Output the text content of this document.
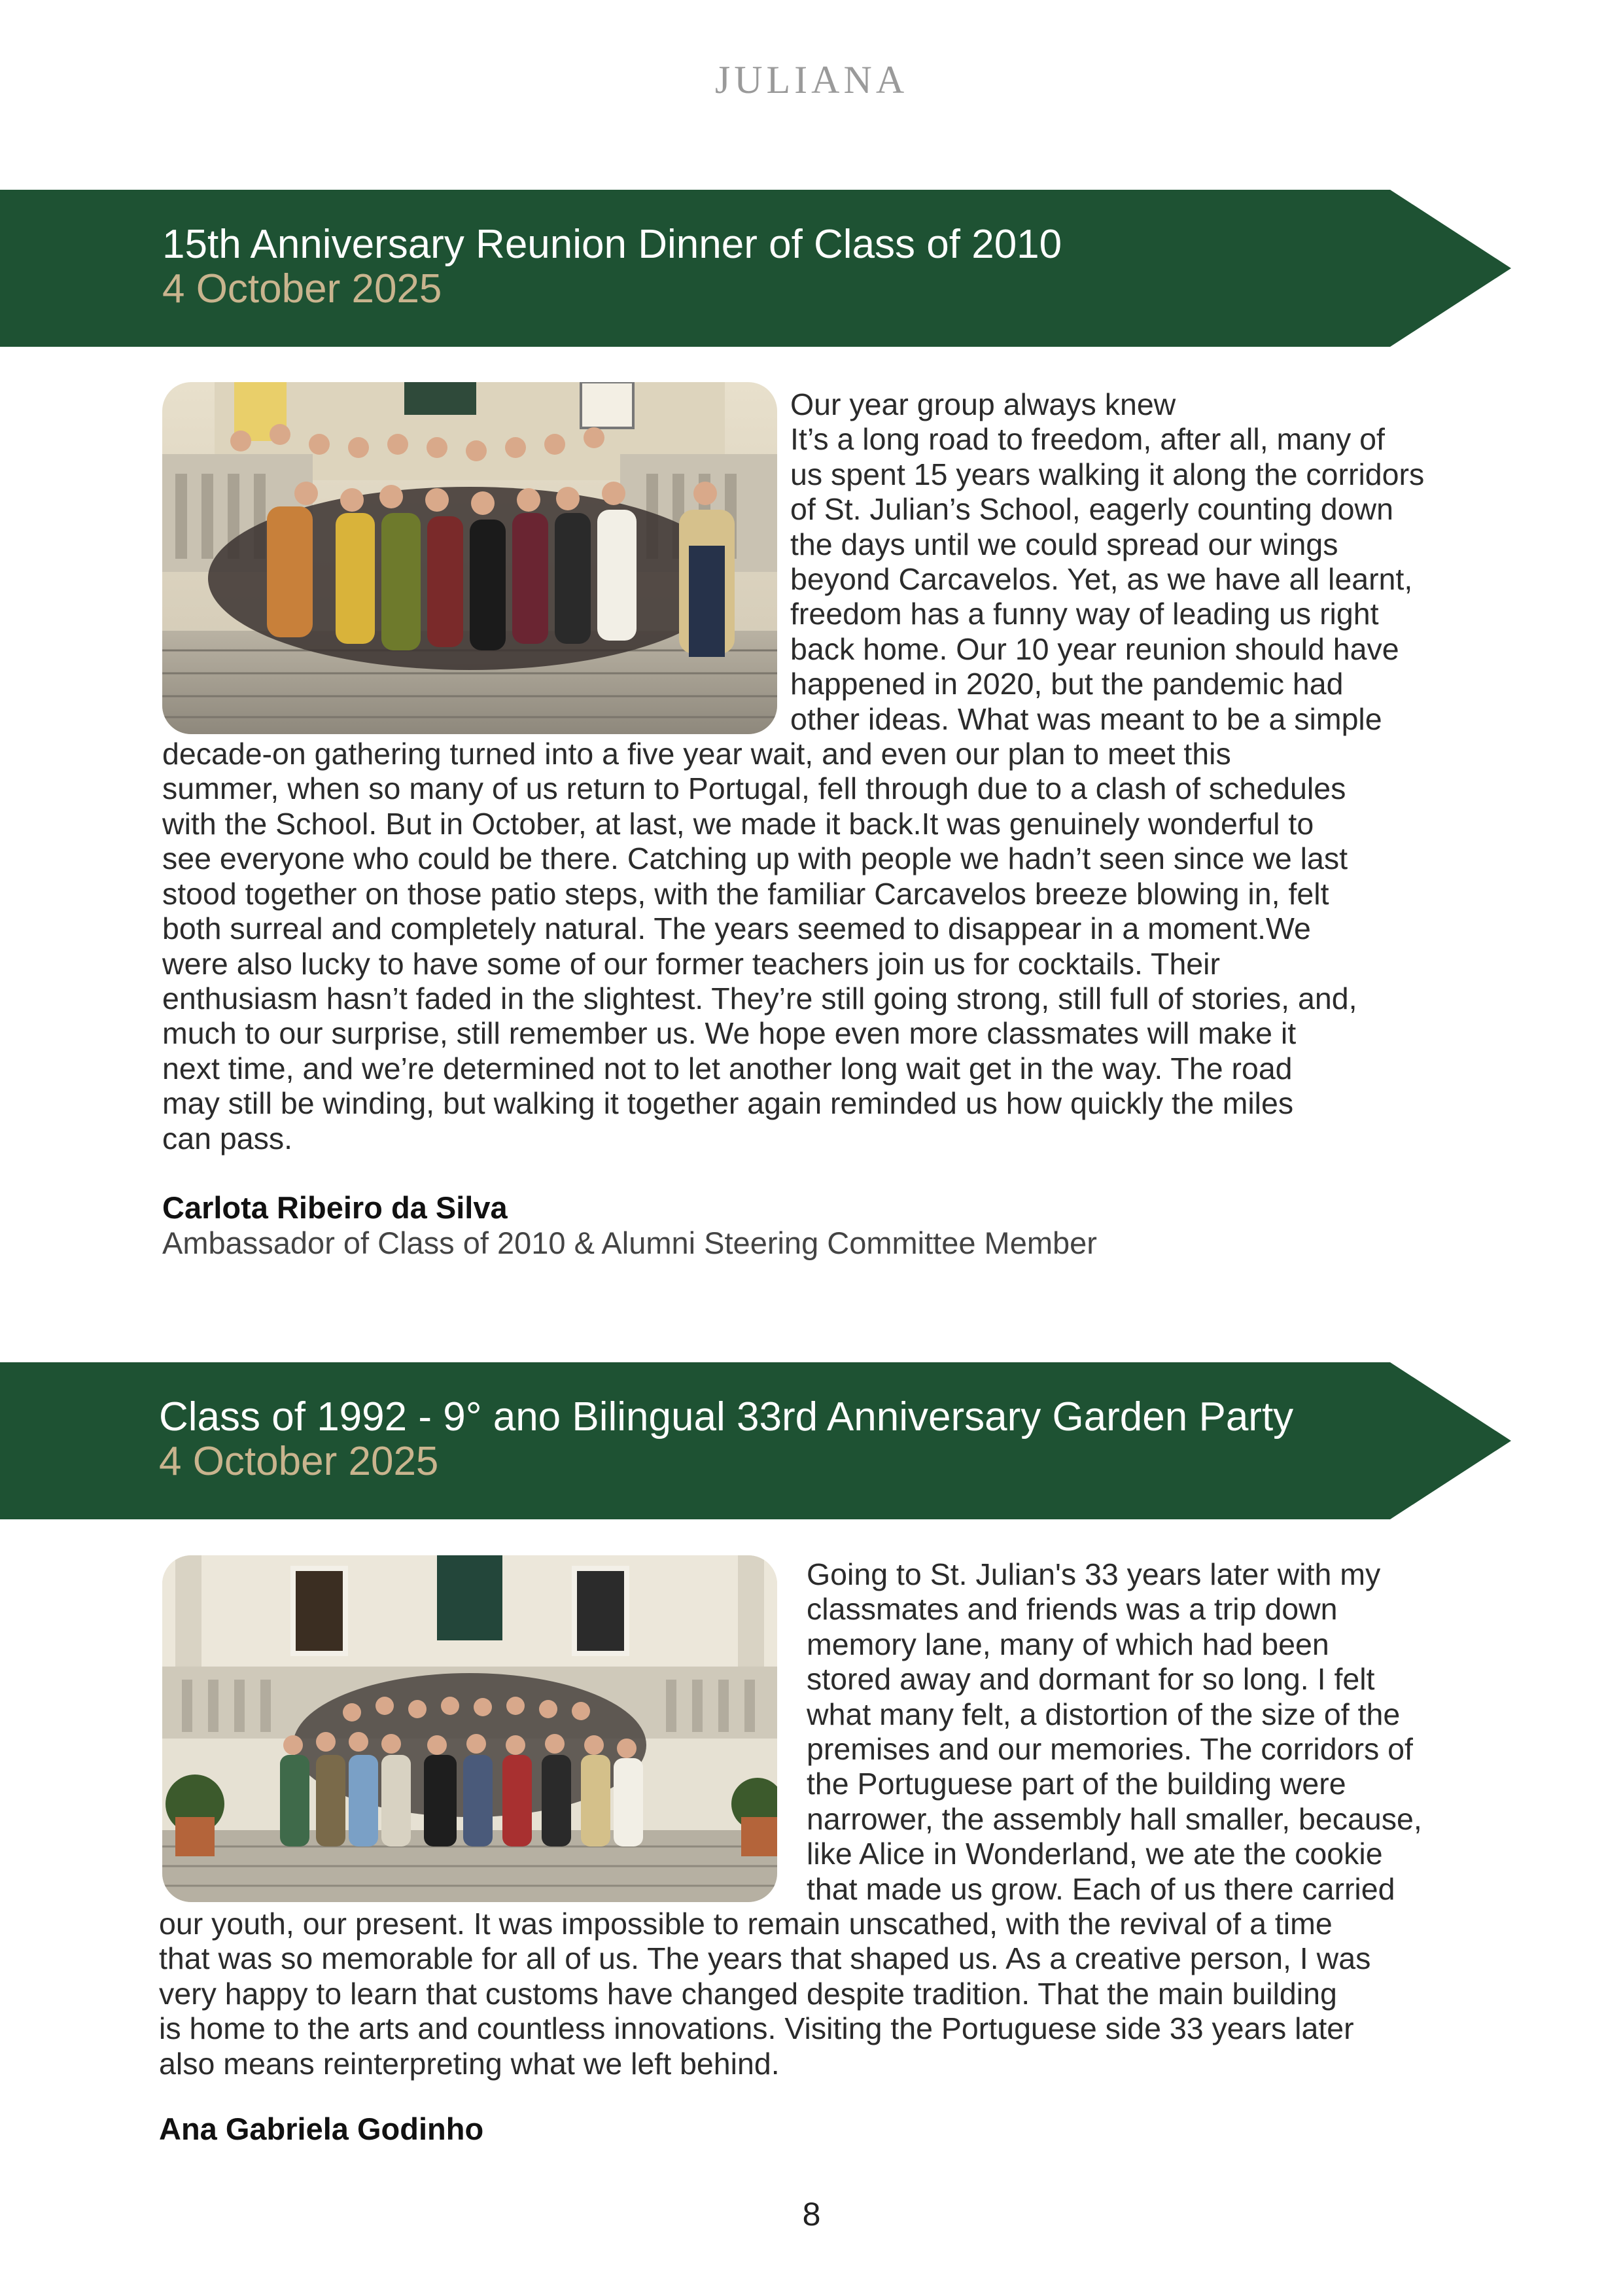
JULIANA
15th Anniversary Reunion Dinner of Class of 2010
4 October 2025
Our year group always knew
It’s a long road to freedom, after all, many of
us spent 15 years walking it along the corridors
of St. Julian’s School, eagerly counting down
the days until we could spread our wings
beyond Carcavelos. Yet, as we have all learnt,
freedom has a funny way of leading us right
back home. Our 10 year reunion should have
happened in 2020, but the pandemic had
other ideas. What was meant to be a simple
decade-on gathering turned into a five year wait, and even our plan to meet this
summer, when so many of us return to Portugal, fell through due to a clash of schedules
with the School. But in October, at last, we made it back.It was genuinely wonderful to
see everyone who could be there. Catching up with people we hadn’t seen since we last
stood together on those patio steps, with the familiar Carcavelos breeze blowing in, felt
both surreal and completely natural. The years seemed to disappear in a moment.We
were also lucky to have some of our former teachers join us for cocktails. Their
enthusiasm hasn’t faded in the slightest. They’re still going strong, still full of stories, and,
much to our surprise, still remember us. We hope even more classmates will make it
next time, and we’re determined not to let another long wait get in the way. The road
may still be winding, but walking it together again reminded us how quickly the miles
can pass.
Carlota Ribeiro da Silva
Ambassador of Class of 2010 & Alumni Steering Committee Member
Class of 1992 - 9° ano Bilingual 33rd Anniversary Garden Party
4 October 2025
Going to St. Julian's 33 years later with my
classmates and friends was a trip down
memory lane, many of which had been
stored away and dormant for so long. I felt
what many felt, a distortion of the size of the
premises and our memories. The corridors of
the Portuguese part of the building were
narrower, the assembly hall smaller, because,
like Alice in Wonderland, we ate the cookie
that made us grow. Each of us there carried
our youth, our present. It was impossible to remain unscathed, with the revival of a time
that was so memorable for all of us. The years that shaped us. As a creative person, I was
very happy to learn that customs have changed despite tradition. That the main building
is home to the arts and countless innovations. Visiting the Portuguese side 33 years later
also means reinterpreting what we left behind.
Ana Gabriela Godinho
8
